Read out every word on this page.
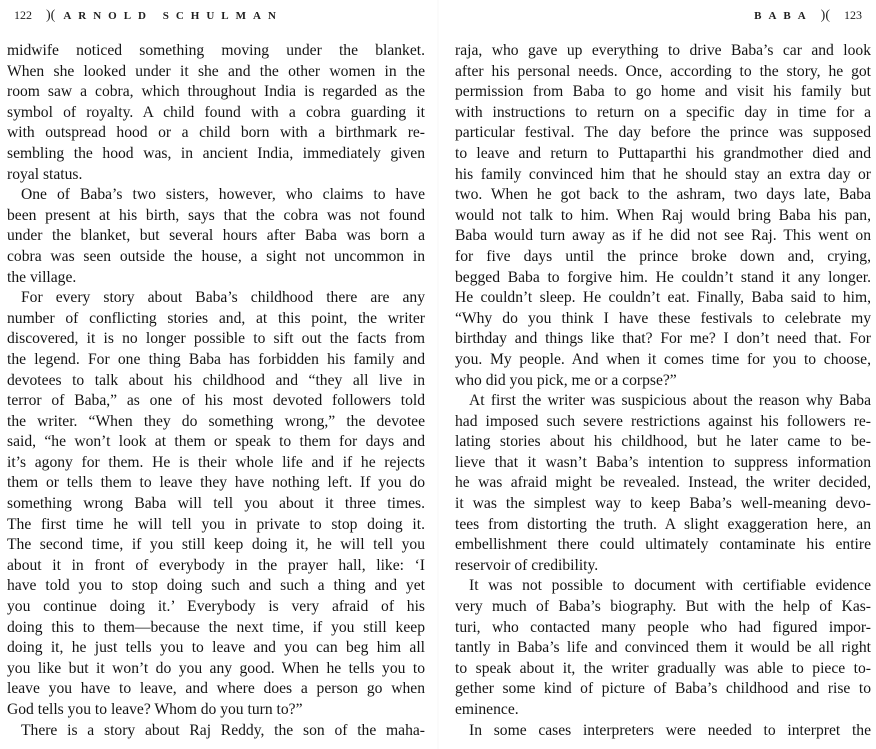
122 )( ARNOLD SCHULMAN
midwife noticed something moving under the blanket.
When she looked under it she and the other women in the
room saw a cobra, which throughout India is regarded as the
symbol of royalty. A child found with a cobra guarding it
with outspread hood or a child born with a birthmark re-
sembling the hood was, in ancient India, immediately given
royal status.
One of Baba’s two sisters, however, who claims to have
been present at his birth, says that the cobra was not found
under the blanket, but several hours after Baba was born a
cobra was seen outside the house, a sight not uncommon in
the village.
For every story about Baba’s childhood there are any
number of conflicting stories and, at this point, the writer
discovered, it is no longer possible to sift out the facts from
the legend. For one thing Baba has forbidden his family and
devotees to talk about his childhood and “they all live in
terror of Baba,” as one of his most devoted followers told
the writer. “When they do something wrong,” the devotee
said, “he won’t look at them or speak to them for days and
it’s agony for them. He is their whole life and if he rejects
them or tells them to leave they have nothing left. If you do
something wrong Baba will tell you about it three times.
The first time he will tell you in private to stop doing it.
The second time, if you still keep doing it, he will tell you
about it in front of everybody in the prayer hall, like: ‘I
have told you to stop doing such and such a thing and yet
you continue doing it.’ Everybody is very afraid of his
doing this to them—because the next time, if you still keep
doing it, he just tells you to leave and you can beg him all
you like but it won’t do you any good. When he tells you to
leave you have to leave, and where does a person go when
God tells you to leave? Whom do you turn to?”
There is a story about Raj Reddy, the son of the maha-
BABA )( 123
raja, who gave up everything to drive Baba’s car and look
after his personal needs. Once, according to the story, he got
permission from Baba to go home and visit his family but
with instructions to return on a specific day in time for a
particular festival. The day before the prince was supposed
to leave and return to Puttaparthi his grandmother died and
his family convinced him that he should stay an extra day or
two. When he got back to the ashram, two days late, Baba
would not talk to him. When Raj would bring Baba his pan,
Baba would turn away as if he did not see Raj. This went on
for five days until the prince broke down and, crying,
begged Baba to forgive him. He couldn’t stand it any longer.
He couldn’t sleep. He couldn’t eat. Finally, Baba said to him,
“Why do you think I have these festivals to celebrate my
birthday and things like that? For me? I don’t need that. For
you. My people. And when it comes time for you to choose,
who did you pick, me or a corpse?”
At first the writer was suspicious about the reason why Baba
had imposed such severe restrictions against his followers re-
lating stories about his childhood, but he later came to be-
lieve that it wasn’t Baba’s intention to suppress information
he was afraid might be revealed. Instead, the writer decided,
it was the simplest way to keep Baba’s well-meaning devo-
tees from distorting the truth. A slight exaggeration here, an
embellishment there could ultimately contaminate his entire
reservoir of credibility.
It was not possible to document with certifiable evidence
very much of Baba’s biography. But with the help of Kas-
turi, who contacted many people who had figured impor-
tantly in Baba’s life and convinced them it would be all right
to speak about it, the writer gradually was able to piece to-
gether some kind of picture of Baba’s childhood and rise to
eminence.
In some cases interpreters were needed to interpret the
